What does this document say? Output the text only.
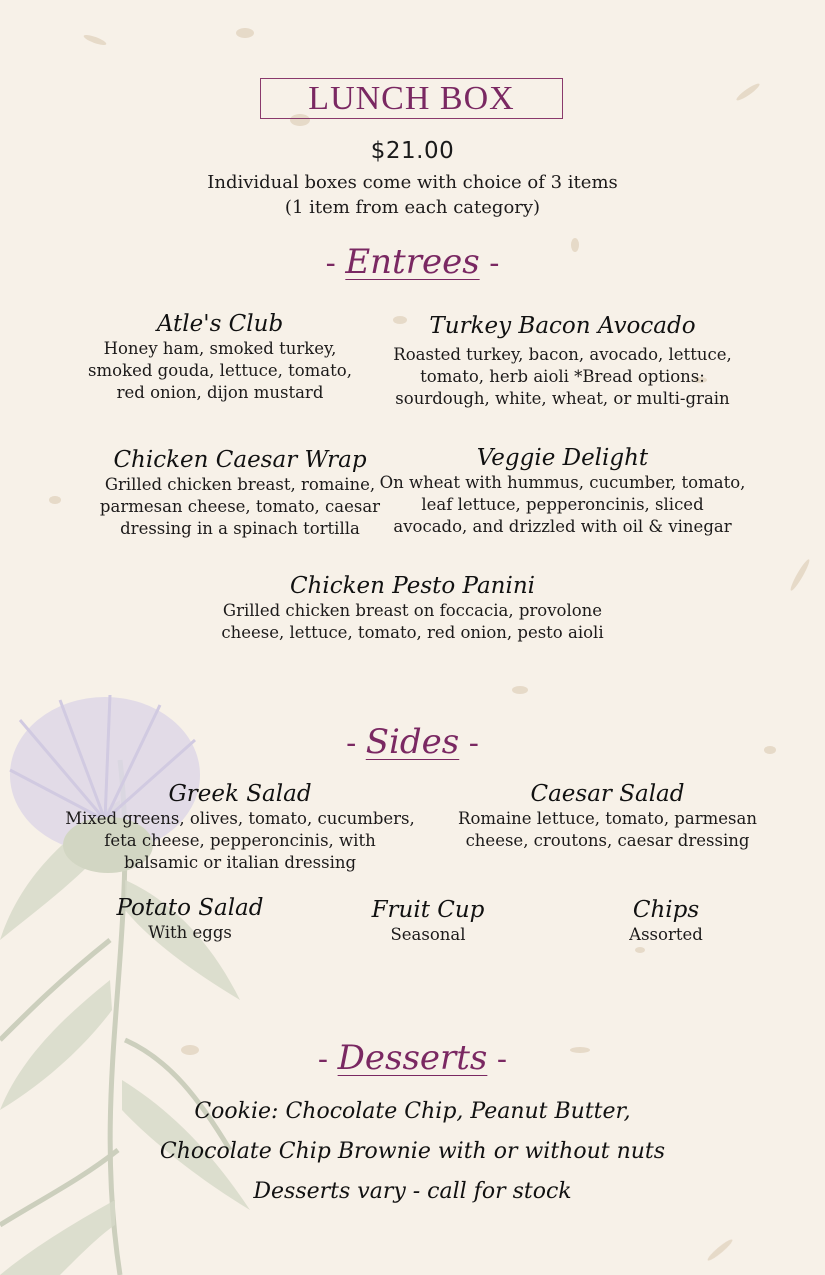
LUNCH BOX
$21.00
Individual boxes come with choice of 3 items
(1 item from each category)
- Entrees -
Atle's Club
Honey ham, smoked turkey,
smoked gouda, lettuce, tomato,
red onion, dijon mustard
Turkey Bacon Avocado
Roasted turkey, bacon, avocado, lettuce,
tomato, herb aioli *Bread options:
sourdough, white, wheat, or multi-grain
Chicken Caesar Wrap
Grilled chicken breast, romaine,
parmesan cheese, tomato, caesar
dressing in a spinach tortilla
Veggie Delight
On wheat with hummus, cucumber, tomato,
leaf lettuce, pepperoncinis, sliced
avocado, and drizzled with oil & vinegar
Chicken Pesto Panini
Grilled chicken breast on foccacia, provolone
cheese, lettuce, tomato, red onion, pesto aioli
- Sides -
Greek Salad
Mixed greens, olives, tomato, cucumbers,
feta cheese, pepperoncinis, with
balsamic or italian dressing
Caesar Salad
Romaine lettuce, tomato, parmesan
cheese, croutons, caesar dressing
Potato Salad
With eggs
Fruit Cup
Seasonal
Chips
Assorted
- Desserts -
Cookie: Chocolate Chip, Peanut Butter,
Chocolate Chip Brownie with or without nuts
Desserts vary - call for stock
